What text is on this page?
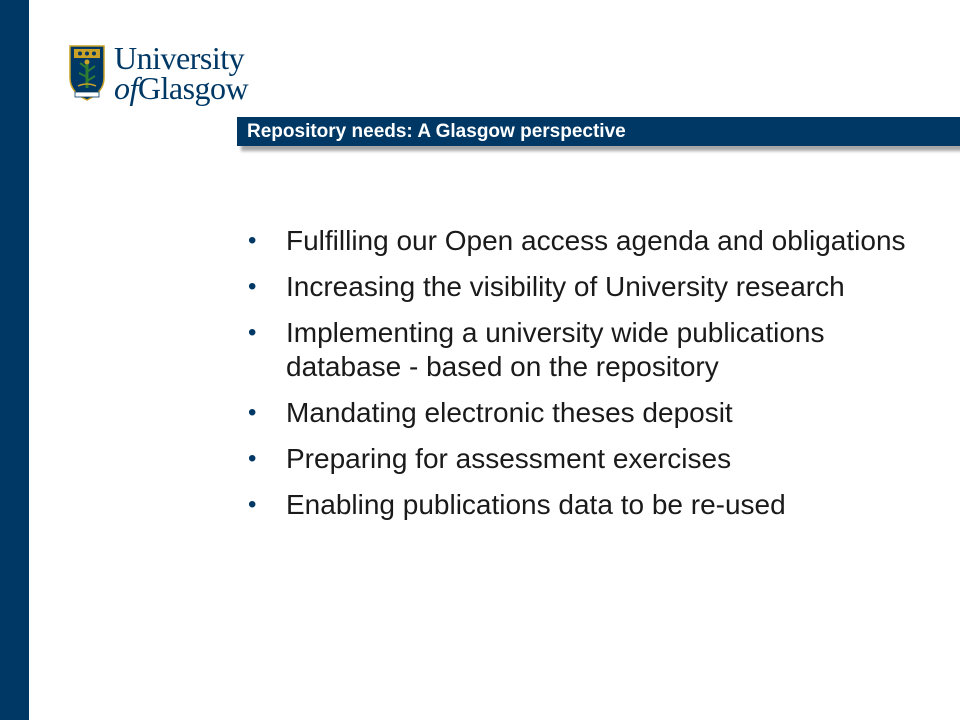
University
ofGlasgow
Repository needs: A Glasgow perspective
• Fulfilling our Open access agenda and obligations
• Increasing the visibility of University research
• Implementing a university wide publications database - based on the repository
• Mandating electronic theses deposit
• Preparing for assessment exercises
• Enabling publications data to be re-used
